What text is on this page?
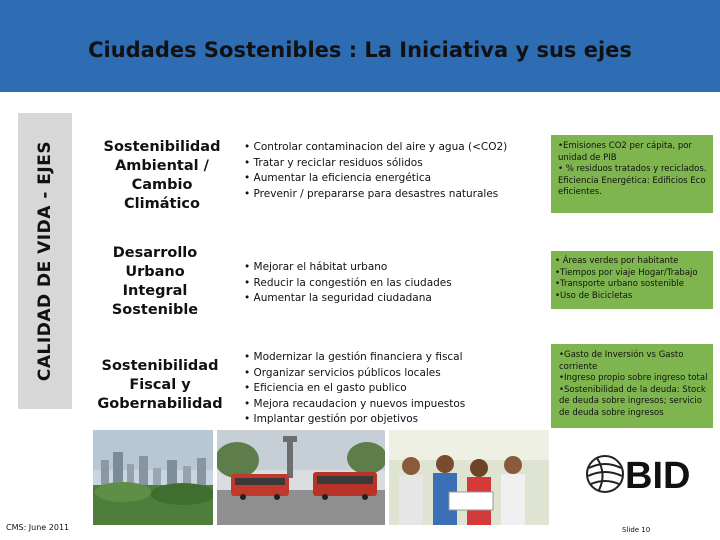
Ciudades Sostenibles : La Iniciativa y sus ejes
CALIDAD DE VIDA - EJES	Sostenibilidad
Ambiental /
Cambio
Climático
• Controlar contaminacion del aire y agua (<CO2)
• Tratar y reciclar residuos sólidos
• Aumentar la eficiencia energética
• Prevenir / prepararse para desastres naturales
•Emisiones CO2 per cápita, por
unidad de PIB
• % residuos tratados y reciclados.
Eficiencia Energética: Edificios Eco
eficientes.
Desarrollo
Urbano
Integral
Sostenible
• Mejorar el hábitat urbano
• Reducir la congestión en las ciudades
• Aumentar la seguridad ciudadana
• Áreas verdes por habitante
•Tiempos por viaje Hogar/Trabajo
•Transporte urbano sostenible
•Uso de Bicicletas
Sostenibilidad
Fiscal y
Gobernabilidad
• Modernizar la gestión financiera y fiscal
• Organizar servicios públicos locales
• Eficiencia en el gasto publico
• Mejora recaudacion y nuevos impuestos
• Implantar gestión por objetivos
•Gasto de Inversión vs Gasto
corriente
•Ingreso propio sobre ingreso total
•Sostenibilidad de la deuda: Stock
de deuda sobre ingresos; servicio
de deuda sobre ingresos
BID
CMS: June 2011	Slide 10
